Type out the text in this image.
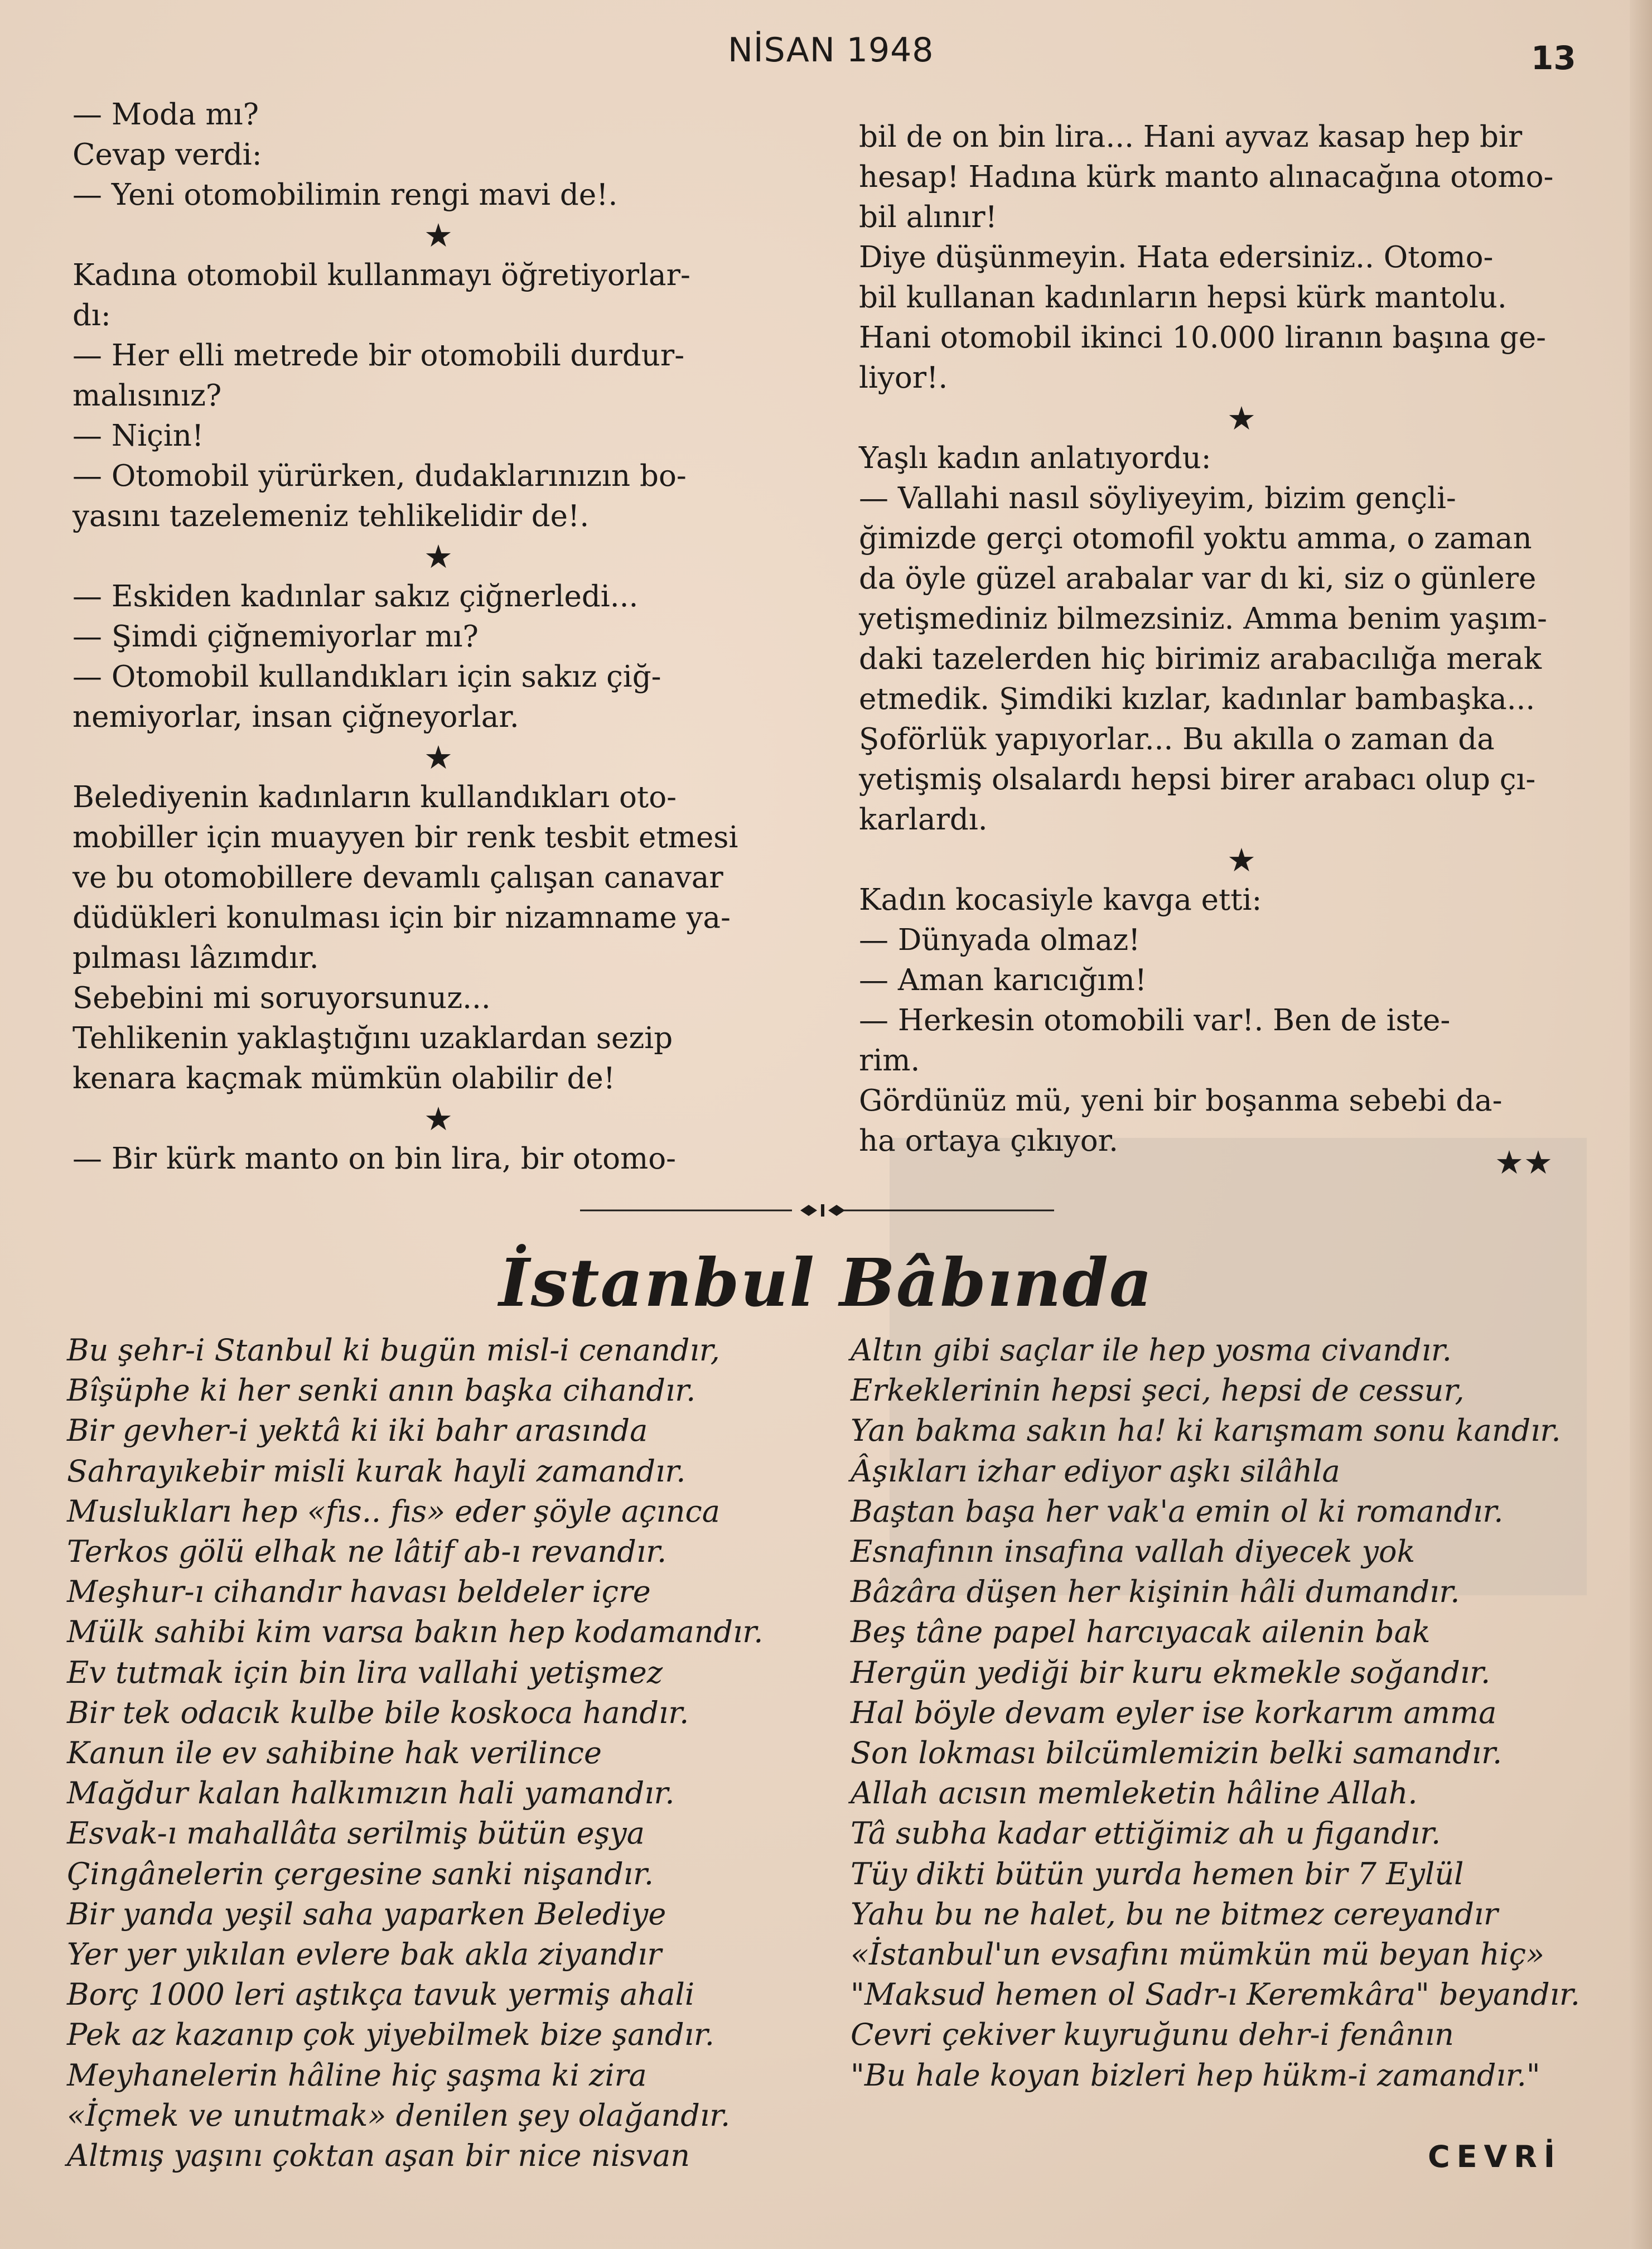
NİSAN 1948	13

— Moda mı?

Cevap verdi:

— Yeni otomobilimin rengi mavi de!.

★

Kadına otomobil kullanmayı öğretiyorlar-

dı:

— Her elli metrede bir otomobili durdur-

malısınız?

— Niçin!

— Otomobil yürürken, dudaklarınızın bo-

yasını tazelemeniz tehlikelidir de!.

★

— Eskiden kadınlar sakız çiğnerledi...

— Şimdi çiğnemiyorlar mı?

— Otomobil kullandıkları için sakız çiğ-

nemiyorlar, insan çiğneyorlar.

★

Belediyenin kadınların kullandıkları oto-

mobiller için muayyen bir renk tesbit etmesi

ve bu otomobillere devamlı çalışan canavar

düdükleri konulması için bir nizamname ya-

pılması lâzımdır.

Sebebini mi soruyorsunuz...

Tehlikenin yaklaştığını uzaklardan sezip

kenara kaçmak mümkün olabilir de!

★

— Bir kürk manto on bin lira, bir otomo-

bil de on bin lira... Hani ayvaz kasap hep bir

hesap! Hadına kürk manto alınacağına otomo-

bil alınır!

Diye düşünmeyin. Hata edersiniz.. Otomo-

bil kullanan kadınların hepsi kürk mantolu.

Hani otomobil ikinci 10.000 liranın başına ge-

liyor!.

★

Yaşlı kadın anlatıyordu:

— Vallahi nasıl söyliyeyim, bizim gençli-

ğimizde gerçi otomofil yoktu amma, o zaman

da öyle güzel arabalar var dı ki, siz o günlere

yetişmediniz bilmezsiniz. Amma benim yaşım-

daki tazelerden hiç birimiz arabacılığa merak

etmedik. Şimdiki kızlar, kadınlar bambaşka...

Şoförlük yapıyorlar... Bu akılla o zaman da

yetişmiş olsalardı hepsi birer arabacı olup çı-

karlardı.

★

Kadın kocasiyle kavga etti:

— Dünyada olmaz!

— Aman karıcığım!

— Herkesin otomobili var!. Ben de iste-

rim.

Gördünüz mü, yeni bir boşanma sebebi da-

ha ortaya çıkıyor.

★★
İstanbul Bâbında

Bu şehr-i Stanbul ki bugün misl-i cenandır,

Bîşüphe ki her senki anın başka cihandır.

Bir gevher-i yektâ ki iki bahr arasında

Sahrayıkebir misli kurak hayli zamandır.

Muslukları hep «fıs.. fıs» eder şöyle açınca

Terkos gölü elhak ne lâtif ab-ı revandır.

Meşhur-ı cihandır havası beldeler içre

Mülk sahibi kim varsa bakın hep kodamandır.

Ev tutmak için bin lira vallahi yetişmez

Bir tek odacık kulbe bile koskoca handır.

Kanun ile ev sahibine hak verilince

Mağdur kalan halkımızın hali yamandır.

Esvak-ı mahallâta serilmiş bütün eşya

Çingânelerin çergesine sanki nişandır.

Bir yanda yeşil saha yaparken Belediye

Yer yer yıkılan evlere bak akla ziyandır

Borç 1000 leri aştıkça tavuk yermiş ahali

Pek az kazanıp çok yiyebilmek bize şandır.

Meyhanelerin hâline hiç şaşma ki zira

«İçmek ve unutmak» denilen şey olağandır.

Altmış yaşını çoktan aşan bir nice nisvan

Altın gibi saçlar ile hep yosma civandır.

Erkeklerinin hepsi şeci, hepsi de cessur,

Yan bakma sakın ha! ki karışmam sonu kandır.

Âşıkları izhar ediyor aşkı silâhla

Baştan başa her vak'a emin ol ki romandır.

Esnafının insafına vallah diyecek yok

Bâzâra düşen her kişinin hâli dumandır.

Beş tâne papel harcıyacak ailenin bak

Hergün yediği bir kuru ekmekle soğandır.

Hal böyle devam eyler ise korkarım amma

Son lokması bilcümlemizin belki samandır.

Allah acısın memleketin hâline Allah.

Tâ subha kadar ettiğimiz ah u figandır.

Tüy dikti bütün yurda hemen bir 7 Eylül

Yahu bu ne halet, bu ne bitmez cereyandır

«İstanbul'un evsafını mümkün mü beyan hiç»

"Maksud hemen ol Sadr-ı Keremkâra" beyandır.

Cevri çekiver kuyruğunu dehr-i fenânın

"Bu hale koyan bizleri hep hükm-i zamandır."

CEVRİ
